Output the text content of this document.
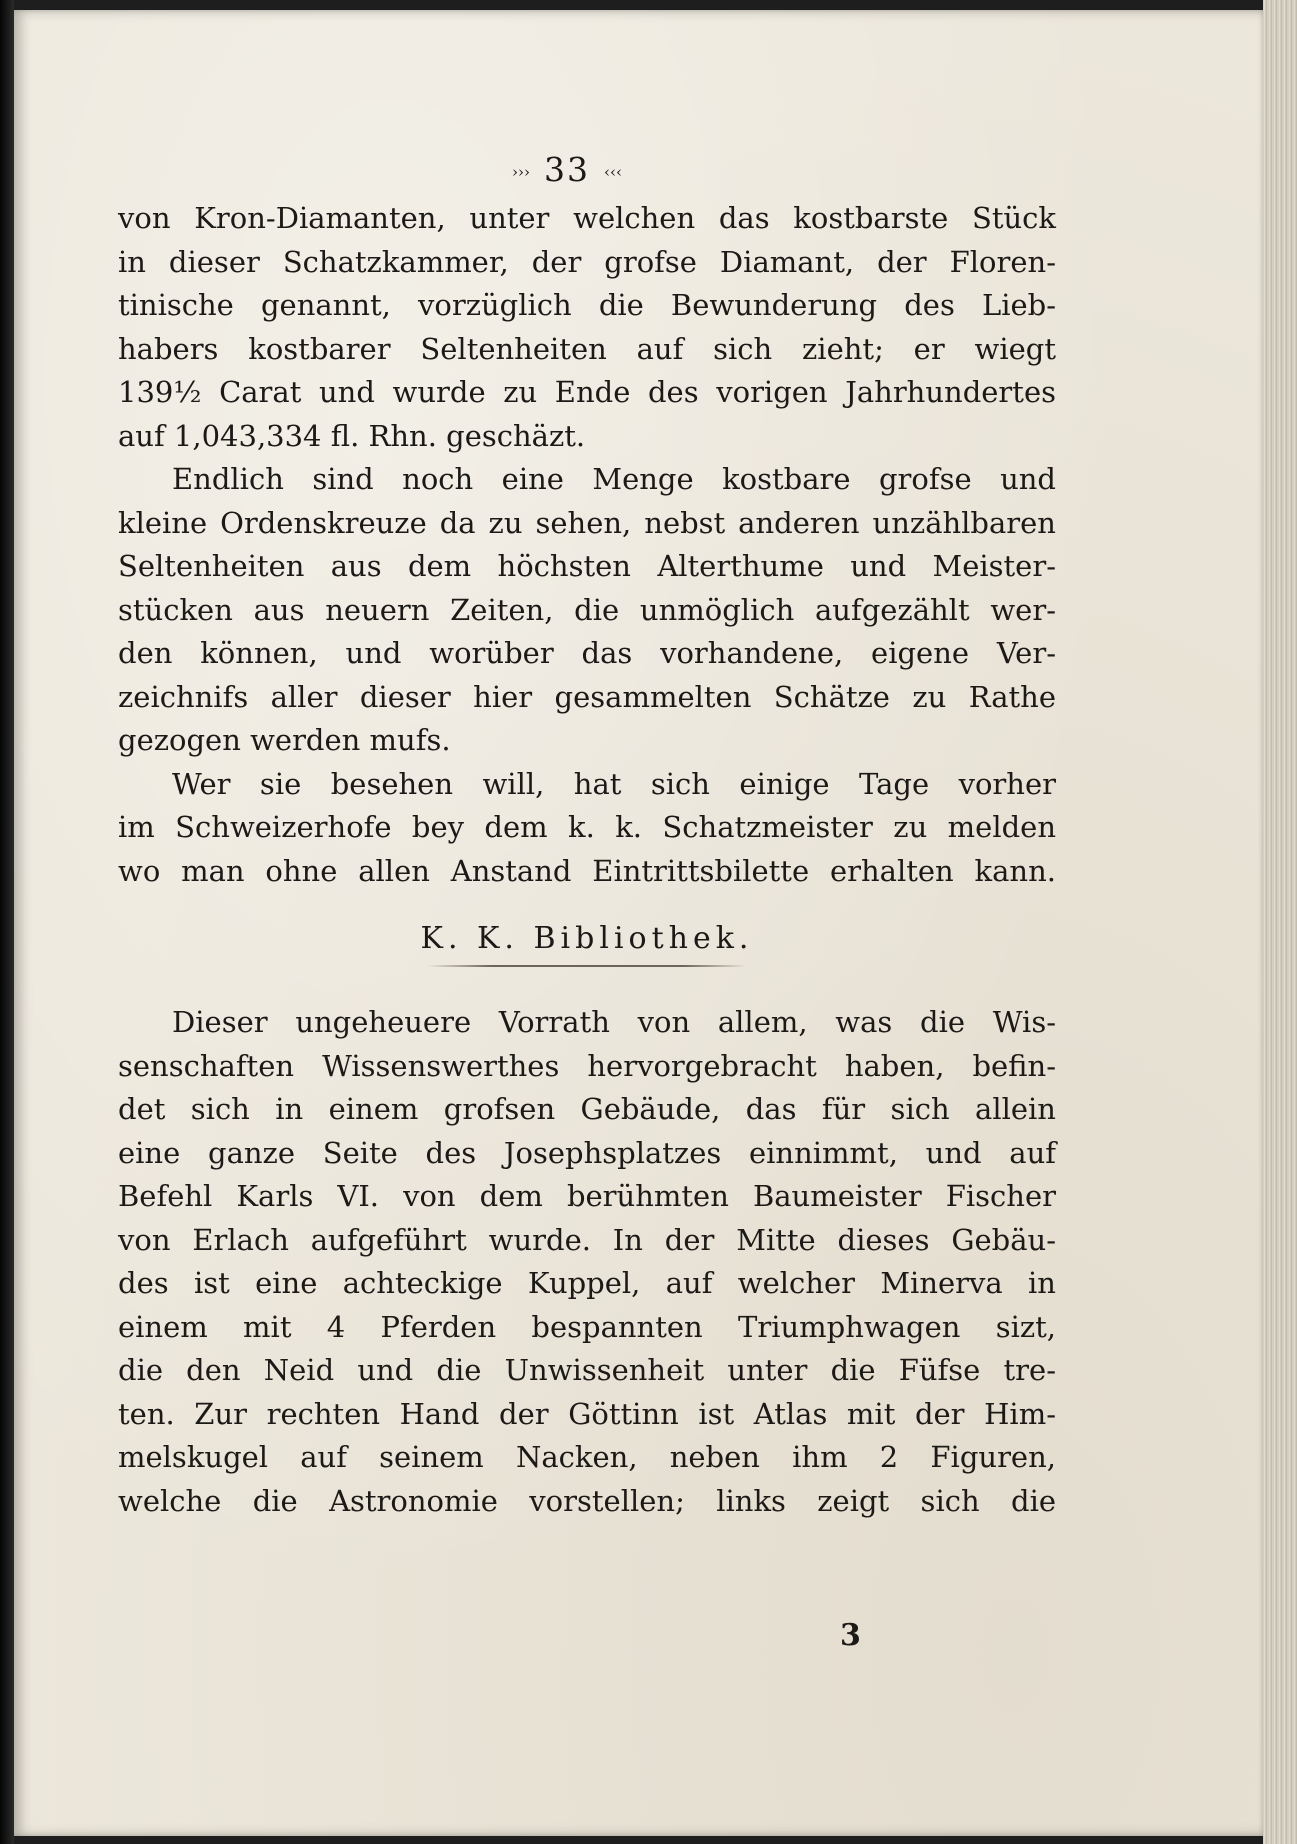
››› 33 ‹‹‹
von Kron-Diamanten, unter welchen das kostbarste Stück
in dieser Schatzkammer, der grofse Diamant, der Floren-
tinische genannt, vorzüglich die Bewunderung des Lieb-
habers kostbarer Seltenheiten auf sich zieht; er wiegt
139½ Carat und wurde zu Ende des vorigen Jahrhundertes
auf 1,043,334 fl. Rhn. geschäzt.
Endlich sind noch eine Menge kostbare grofse und
kleine Ordenskreuze da zu sehen, nebst anderen unzählbaren
Seltenheiten aus dem höchsten Alterthume und Meister-
stücken aus neuern Zeiten, die unmöglich aufgezählt wer-
den können, und worüber das vorhandene, eigene Ver-
zeichnifs aller dieser hier gesammelten Schätze zu Rathe
gezogen werden mufs.
Wer sie besehen will, hat sich einige Tage vorher
im Schweizerhofe bey dem k. k. Schatzmeister zu melden
wo man ohne allen Anstand Eintrittsbilette erhalten kann.
K. K. Bibliothek.
Dieser ungeheuere Vorrath von allem, was die Wis-
senschaften Wissenswerthes hervorgebracht haben, befin-
det sich in einem grofsen Gebäude, das für sich allein
eine ganze Seite des Josephsplatzes einnimmt, und auf
Befehl Karls VI. von dem berühmten Baumeister Fischer
von Erlach aufgeführt wurde. In der Mitte dieses Gebäu-
des ist eine achteckige Kuppel, auf welcher Minerva in
einem mit 4 Pferden bespannten Triumphwagen sizt,
die den Neid und die Unwissenheit unter die Füfse tre-
ten. Zur rechten Hand der Göttinn ist Atlas mit der Him-
melskugel auf seinem Nacken, neben ihm 2 Figuren,
welche die Astronomie vorstellen; links zeigt sich die
3
